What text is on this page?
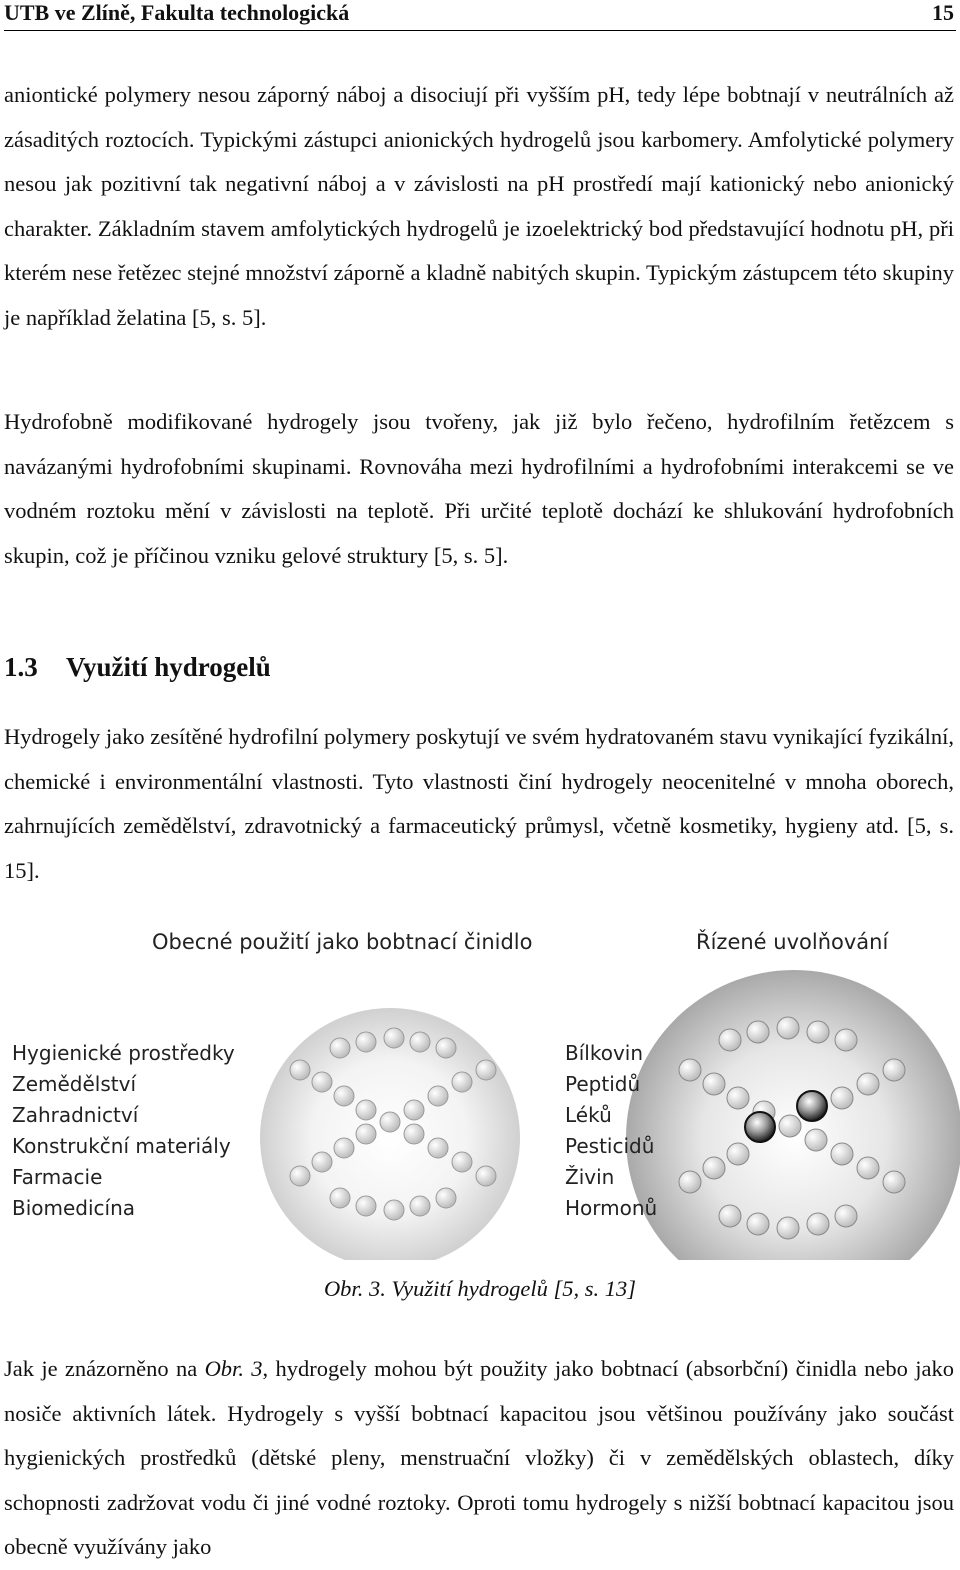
UTB ve Zlíně, Fakulta technologická	15

aniontické polymery nesou záporný náboj a disociují při vyšším pH, tedy lépe bobtnají v neutrálních až zásaditých roztocích. Typickými zástupci anionických hydrogelů jsou karbomery. Amfolytické polymery nesou jak pozitivní tak negativní náboj a v závislosti na pH prostředí mají kationický nebo anionický charakter. Základním stavem amfolytických hydrogelů je izoelektrický bod představující hodnotu pH, při kterém nese řetězec stejné množství záporně a kladně nabitých skupin. Typickým zástupcem této skupiny je například želatina [5, s. 5].

Hydrofobně modifikované hydrogely jsou tvořeny, jak již bylo řečeno, hydrofilním řetězcem s navázanými hydrofobními skupinami. Rovnováha mezi hydrofilními a hydrofobními interakcemi se ve vodném roztoku mění v závislosti na teplotě. Při určité teplotě dochází ke shlukování hydrofobních skupin, což je příčinou vzniku gelové struktury [5, s. 5].

1.3 Využití hydrogelů

Hydrogely jako zesítěné hydrofilní polymery poskytují ve svém hydratovaném stavu vynikající fyzikální, chemické i environmentální vlastnosti. Tyto vlastnosti činí hydrogely neocenitelné v mnoha oborech, zahrnujících zemědělství, zdravotnický a farmaceutický průmysl, včetně kosmetiky, hygieny atd. [5, s. 15].

Obecné použití jako bobtnací činidlo	Řízené uvolňování
Hygienické prostředky
Zemědělství
Zahradnictví
Konstrukční materiály
Farmacie
Biomedicína
Bílkovin
Peptidů
Léků
Pesticidů
Živin
Hormonů

Obr. 3. Využití hydrogelů [5, s. 13]

Jak je znázorněno na Obr. 3, hydrogely mohou být použity jako bobtnací (absorbční) činidla nebo jako nosiče aktivních látek. Hydrogely s vyšší bobtnací kapacitou jsou většinou používány jako součást hygienických prostředků (dětské pleny, menstruační vložky) či v zemědělských oblastech, díky schopnosti zadržovat vodu či jiné vodné roztoky. Oproti tomu hydrogely s nižší bobtnací kapacitou jsou obecně využívány jako
